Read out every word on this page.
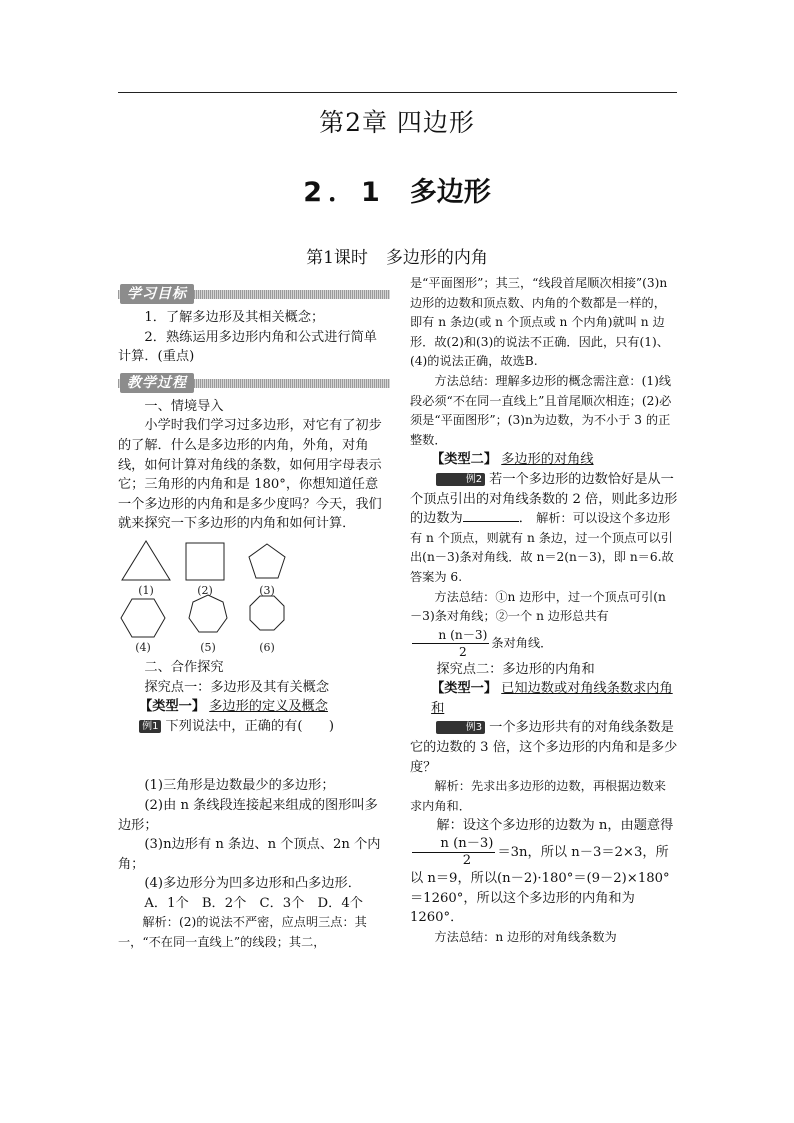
第2章 四边形
2．1 多边形
第1课时 多边形的内角
学习目标

1．了解多边形及其相关概念；

2．熟练运用多边形内角和公式进行简单计算．(重点)

教学过程

一、情境导入

小学时我们学习过多边形，对它有了初步的了解．什么是多边形的内角，外角，对角线，如何计算对角线的条数，如何用字母表示它；三角形的内角和是 180°，你想知道任意一个多边形的内角和是多少度吗？今天，我们就来探究一下多边形的内角和如何计算．

(1)	(2)	(3)
(4)	(5)	(6)

二、合作探究

探究点一：多边形及其有关概念

【类型一】 多边形的定义及概念

例1 下列说法中，正确的有(　　)

(1)三角形是边数最少的多边形；

(2)由 n 条线段连接起来组成的图形叫多边形；

(3)n边形有 n 条边、n 个顶点、2n 个内角；

(4)多边形分为凹多边形和凸多边形．

A．1个　B．2个　C．3个　D．4个

解析：(2)的说法不严密，应点明三点：其一，“不在同一直线上”的线段；其二，

是“平面图形”；其三，“线段首尾顺次相接”(3)n边形的边数和顶点数、内角的个数都是一样的，即有 n 条边(或 n 个顶点或 n 个内角)就叫 n 边形．故(2)和(3)的说法不正确．因此，只有(1)、(4)的说法正确，故选B.

方法总结：理解多边形的概念需注意：(1)线段必须“不在同一直线上”且首尾顺次相连；(2)必须是“平面图形”；(3)n为边数，为不小于 3 的正整数．

【类型二】 多边形的对角线

例2 若一个多边形的边数恰好是从一个顶点引出的对角线条数的 2 倍，则此多边形的边数为	． 解析：可以设这个多边形有 n 个顶点，则就有 n 条边，过一个顶点可以引出(n－3)条对角线．故 n＝2(n－3)，即 n＝6.故答案为 6.

方法总结：①n 边形中，过一个顶点可引(n－3)条对角线；②一个 n 边形总共有
$\frac{n (n-3)}{2}$ 条对角线．

探究点二：多边形的内角和

【类型一】 已知边数或对角线条数求内角和

例3 一个多边形共有的对角线条数是它的边数的 3 倍，这个多边形的内角和是多少度？

解析：先求出多边形的边数，再根据边数来求内角和．

解：设这个多边形的边数为 n，由题意得
$\frac{n (n-3)}{2} =3n$，所以 n－3＝2×3，所以 n＝9，所以(n－2)·180°＝(9－2)×180°＝1260°，所以这个多边形的内角和为 1260°．

方法总结：n 边形的对角线条数为
